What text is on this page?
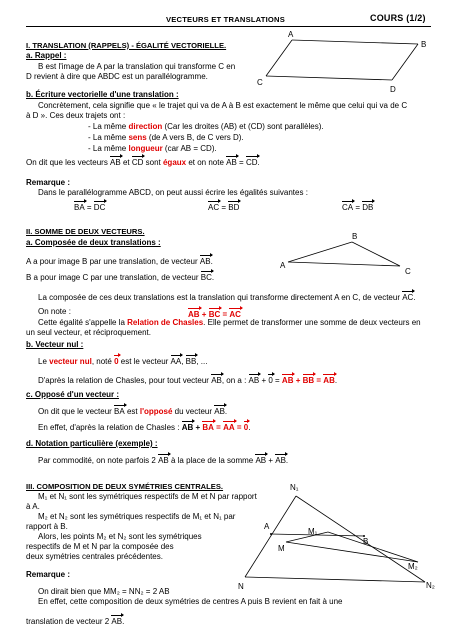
VECTEURS ET TRANSLATIONS	COURS (1/2)
A
B
C
D
I. TRANSLATION (RAPPELS) - ÉGALITÉ VECTORIELLE.
a. Rappel :
B est l'image de A par la translation qui transforme C en
D revient à dire que ABDC est un parallélogramme.
b. Écriture vectorielle d'une translation :
Concrètement, cela signifie que « le trajet qui va de A à B est exactement le même que celui qui va de C
à D ». Ces deux trajets ont :
- La même direction (Car les droites (AB) et (CD) sont parallèles).
- La même sens (de A vers B, de C vers D).
- La même longueur (car AB = CD).
On dit que les vecteurs AB et CD sont égaux et on note AB = CD.
Remarque :
Dans le parallélogramme ABCD, on peut aussi écrire les égalités suivantes :
BA = DC	AC = BD	CA = DB
A
B
C
II. SOMME DE DEUX VECTEURS.
a. Composée de deux translations :
A a pour image B par une translation, de vecteur AB.
B a pour image C par une translation, de vecteur BC.
La composée de ces deux translations est la translation qui transforme directement A en C, de vecteur AC.
On note :	AB + BC = AC
Cette égalité s'appelle la Relation de Chasles. Elle permet de transformer une somme de deux vecteurs en
un seul vecteur, et réciproquement.
b. Vecteur nul :
Le vecteur nul, noté 0 est le vecteur AA, BB, ...
D'après la relation de Chasles, pour tout vecteur AB, on a : AB + 0 = AB + BB = AB.
c. Opposé d'un vecteur :
On dit que le vecteur BA est l'opposé du vecteur AB.
En effet, d'après la relation de Chasles : AB + BA = AA = 0.
d. Notation particulière (exemple) :
Par commodité, on note parfois 2 AB à la place de la somme AB + AB.
N₁
M₁
A
B
M
N
M₂
N₂
III. COMPOSITION DE DEUX SYMÉTRIES CENTRALES.
M₁ et N₁ sont les symétriques respectifs de M et N par rapport
à A.
M₂ et N₂ sont les symétriques respectifs de M₁ et N₁ par
rapport à B.
Alors, les points M₂ et N₂ sont les symétriques
respectifs de M et N par la composée des
deux symétries centrales précédentes.
Remarque :
On dirait bien que MM₂ = NN₂ = 2 AB
En effet, cette composition de deux symétries de centres A puis B revient en fait à une
translation de vecteur 2 AB.
